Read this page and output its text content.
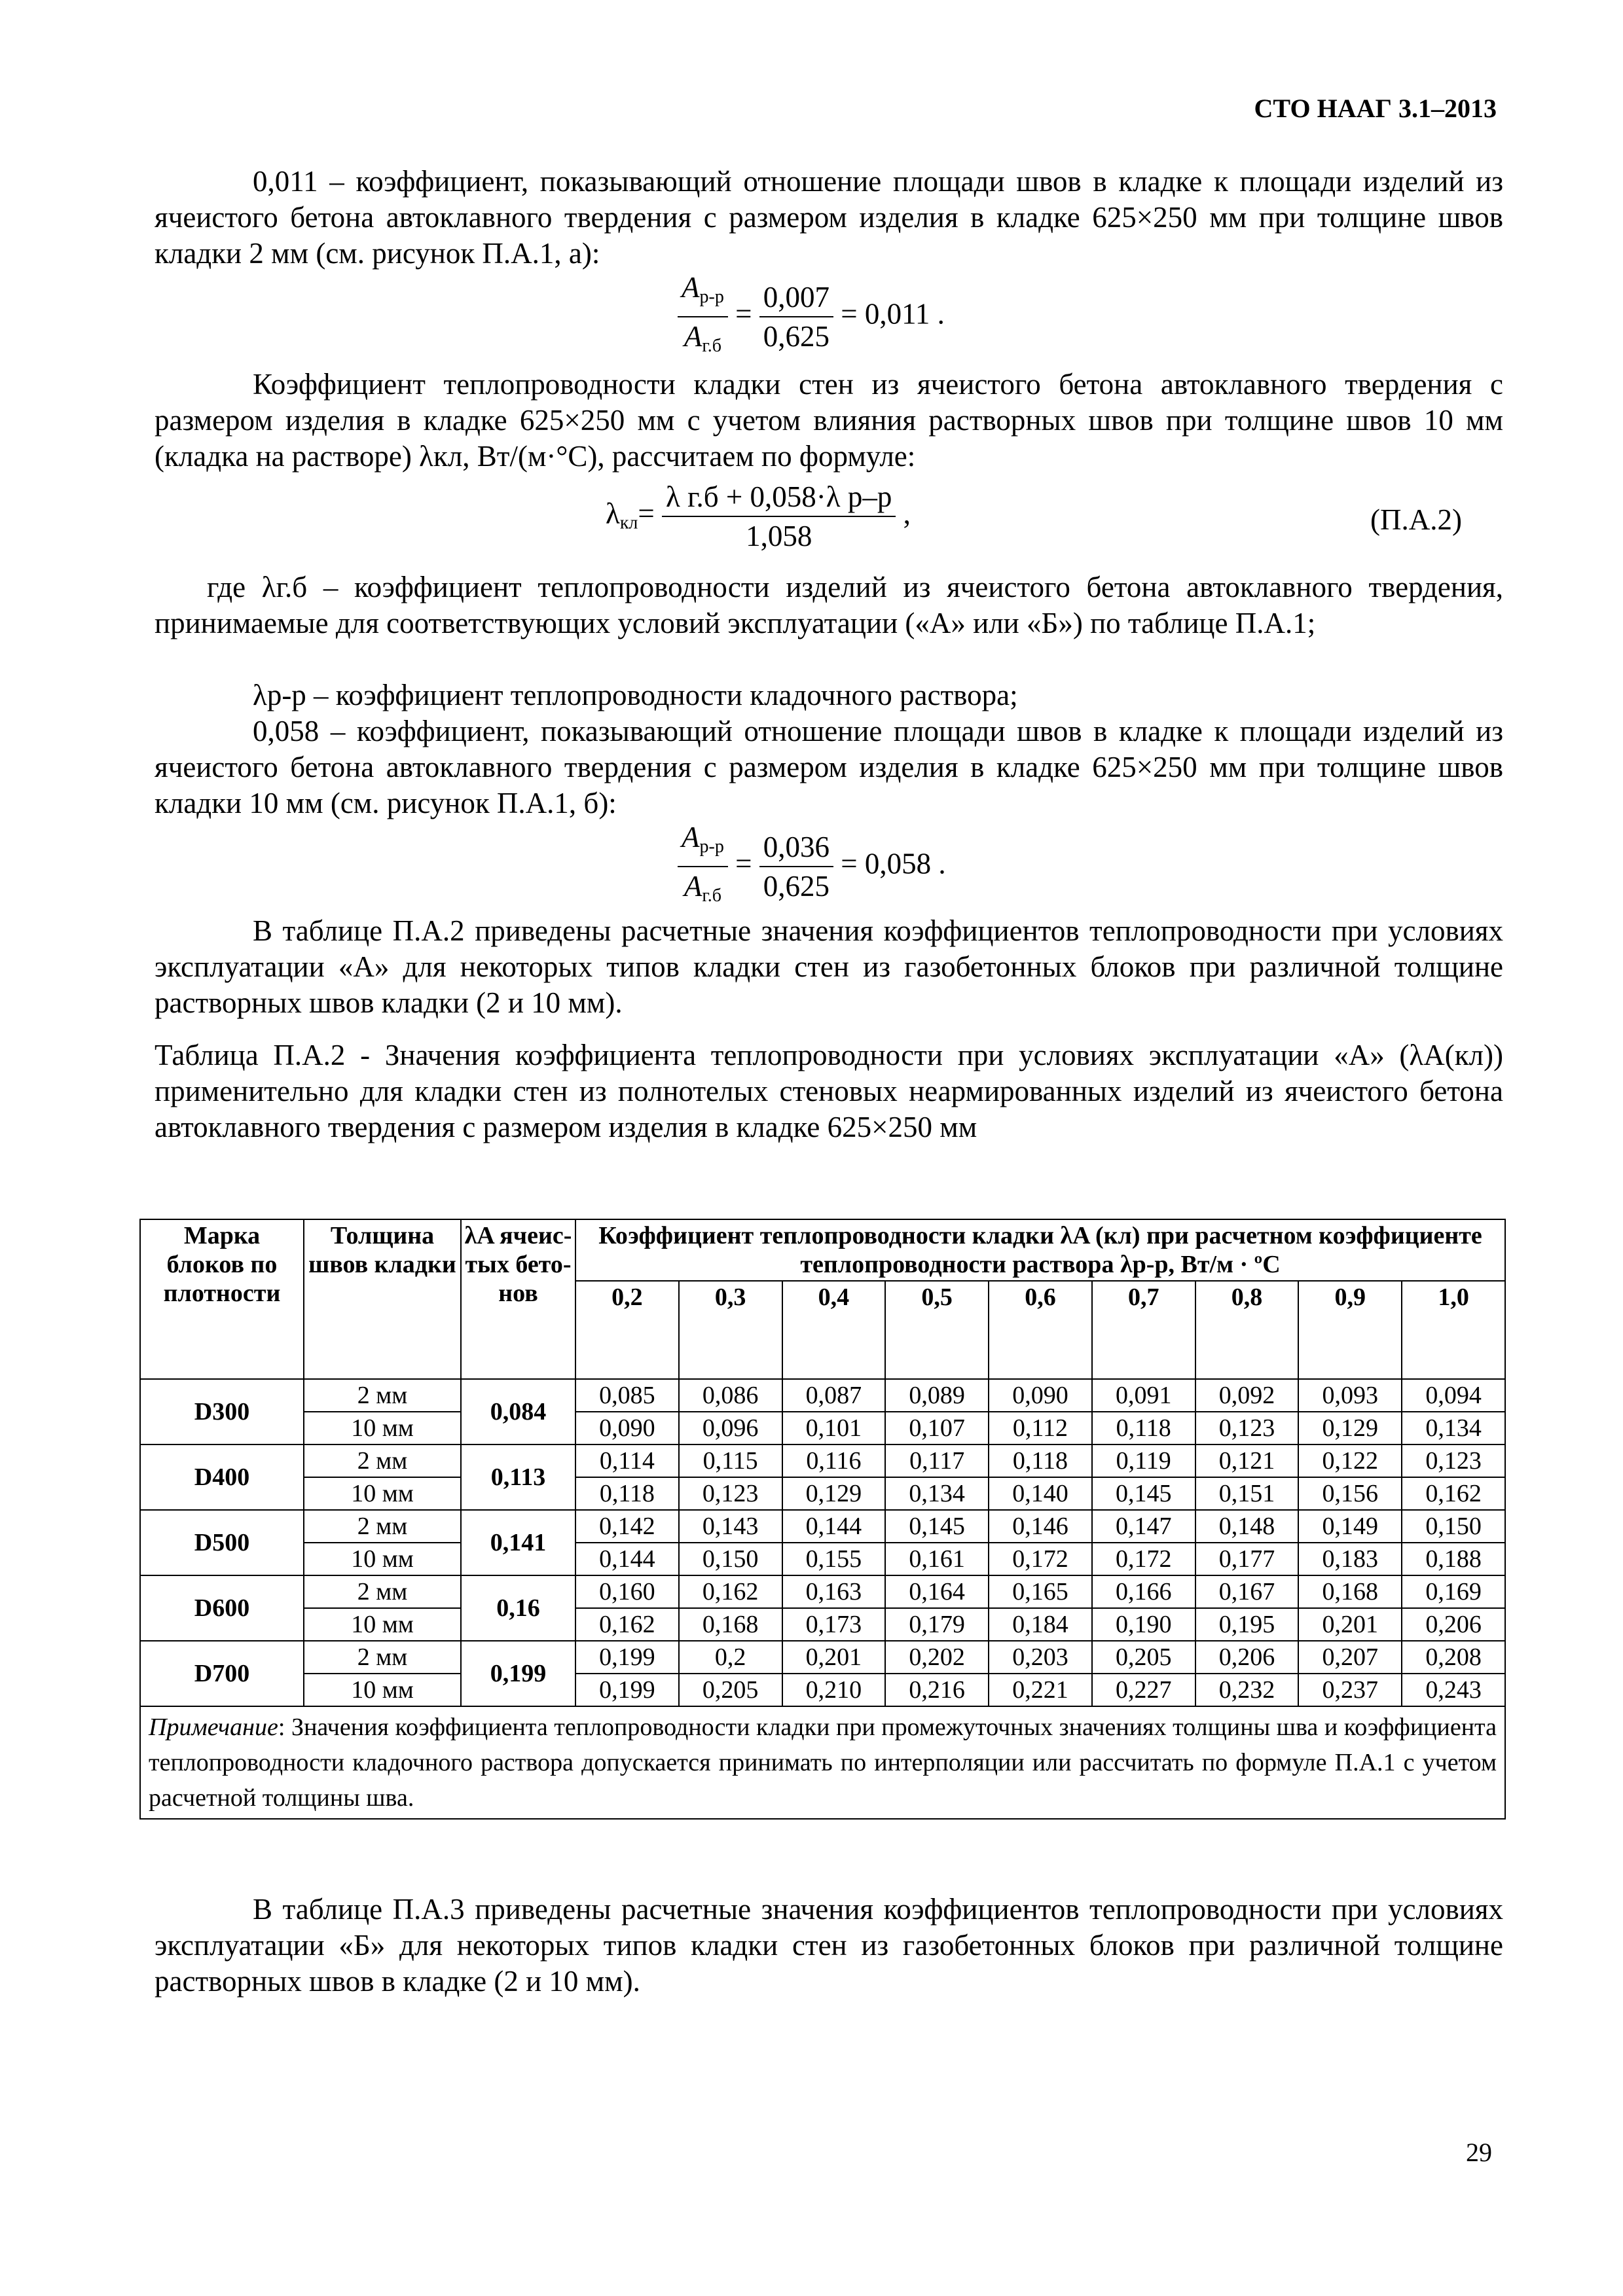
СТО НААГ 3.1–2013
0,011 – коэффициент, показывающий отношение площади швов в кладке к площади изделий из ячеистого бетона автоклавного твердения с размером изделия в кладке 625×250 мм при толщине швов кладки 2 мм (см. рисунок П.А.1, а):
$\frac{A_{р-р}}{A_{г.б}} = \frac{0,007}{0,625} = 0,011$ .
Коэффициент теплопроводности кладки стен из ячеистого бетона автоклавного твердения с размером изделия в кладке 625×250 мм с учетом влияния растворных швов при толщине швов 10 мм (кладка на растворе) λкл, Вт/(м·°С), рассчитаем по формуле:
$\lambda_{кл}= \frac{\text{λ г.б + 0,058·λ р–р}}{1,058}$ ,	(П.А.2)
где λг.б – коэффициент теплопроводности изделий из ячеистого бетона автоклавного твердения, принимаемые для соответствующих условий эксплуатации («А» или «Б») по таблице П.А.1;
λр-р – коэффициент теплопроводности кладочного раствора;
0,058 – коэффициент, показывающий отношение площади швов в кладке к площади изделий из ячеистого бетона автоклавного твердения с размером изделия в кладке 625×250 мм при толщине швов кладки 10 мм (см. рисунок П.А.1, б):
$\frac{A_{р-р}}{A_{г.б}} = \frac{0,036}{0,625} = 0,058$ .
В таблице П.А.2 приведены расчетные значения коэффициентов теплопроводности при условиях эксплуатации «А» для некоторых типов кладки стен из газобетонных блоков при различной толщине растворных швов кладки (2 и 10 мм).
Таблица П.А.2 - Значения коэффициента теплопроводности при условиях эксплуатации «А» (λA(кл)) применительно для кладки стен из полнотелых стеновых неармированных изделий из ячеистого бетона автоклавного твердения с размером изделия в кладке 625×250 мм
Марка блоков по плотности	Толщина швов кладки	λA ячеис-тых бето-нов	Коэффициент теплопроводности кладки λA (кл) при расчетном коэффициенте теплопроводности раствора λр-р, Вт/м · ºС								
			0,2	0,3	0,4	0,5	0,6	0,7	0,8	0,9	1,0
D300	2 мм	0,084	0,085	0,086	0,087	0,089	0,090	0,091	0,092	0,093	0,094
	10 мм		0,090	0,096	0,101	0,107	0,112	0,118	0,123	0,129	0,134
D400	2 мм	0,113	0,114	0,115	0,116	0,117	0,118	0,119	0,121	0,122	0,123
	10 мм		0,118	0,123	0,129	0,134	0,140	0,145	0,151	0,156	0,162
D500	2 мм	0,141	0,142	0,143	0,144	0,145	0,146	0,147	0,148	0,149	0,150
	10 мм		0,144	0,150	0,155	0,161	0,172	0,172	0,177	0,183	0,188
D600	2 мм	0,16	0,160	0,162	0,163	0,164	0,165	0,166	0,167	0,168	0,169
	10 мм		0,162	0,168	0,173	0,179	0,184	0,190	0,195	0,201	0,206
D700	2 мм	0,199	0,199	0,2	0,201	0,202	0,203	0,205	0,206	0,207	0,208
	10 мм		0,199	0,205	0,210	0,216	0,221	0,227	0,232	0,237	0,243
Примечание: Значения коэффициента теплопроводности кладки при промежуточных значениях толщины шва и коэффициента теплопроводности кладочного раствора допускается принимать по интерполяции или рассчитать по формуле П.А.1 с учетом расчетной толщины шва.											
В таблице П.А.3 приведены расчетные значения коэффициентов теплопроводности при условиях эксплуатации «Б» для некоторых типов кладки стен из газобетонных блоков при различной толщине растворных швов в кладке (2 и 10 мм).
29
